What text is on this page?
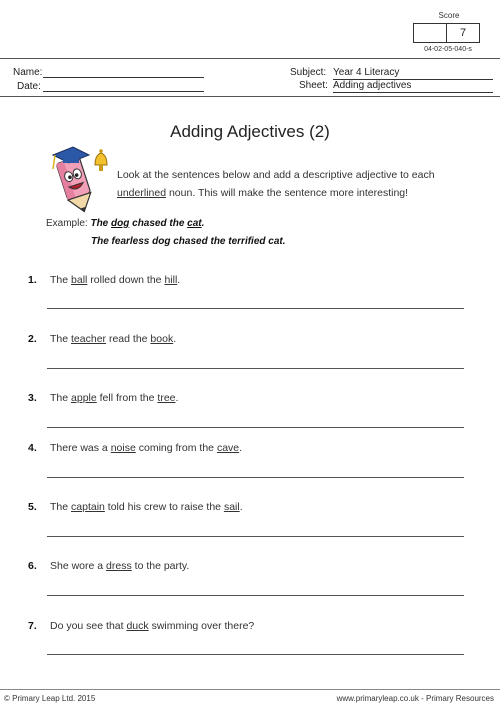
Score
7
04-02-05-040-s
Name:
Date:
Subject: Year 4 Literacy
Sheet: Adding adjectives
Adding Adjectives (2)
Look at the sentences below and add a descriptive adjective to each
underlined noun. This will make the sentence more interesting!
Example: The dog chased the cat.
The fearless dog chased the terrified cat.
1.	The ball rolled down the hill.
2.	The teacher read the book.
3.	The apple fell from the tree.
4.	There was a noise coming from the cave.
5.	The captain told his crew to raise the sail.
6.	She wore a dress to the party.
7.	Do you see that duck swimming over there?
© Primary Leap Ltd. 2015	www.primaryleap.co.uk - Primary Resources
